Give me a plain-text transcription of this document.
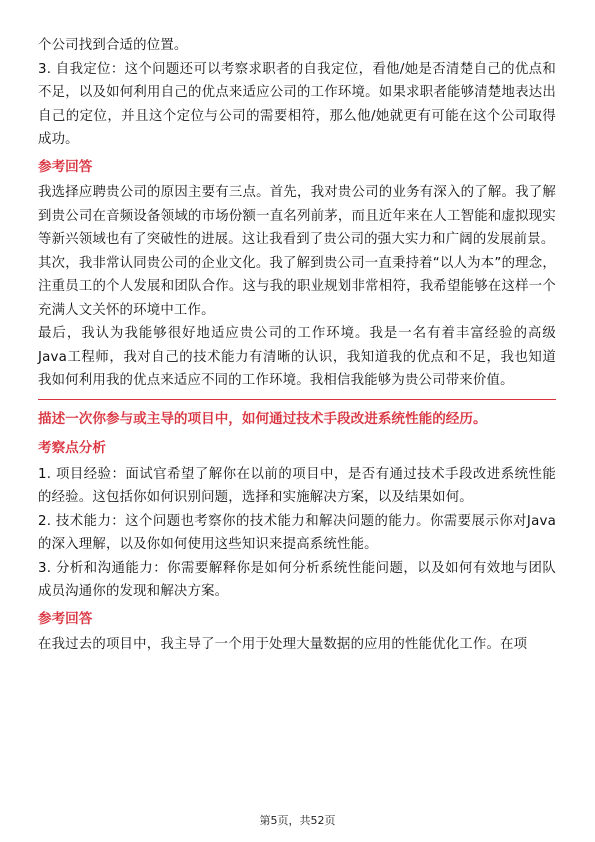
个公司找到合适的位置。

3. 自我定位：这个问题还可以考察求职者的自我定位，看他/她是否清楚自己的优点和不足，以及如何利用自己的优点来适应公司的工作环境。如果求职者能够清楚地表达出自己的定位，并且这个定位与公司的需要相符，那么他/她就更有可能在这个公司取得成功。

参考回答

我选择应聘贵公司的原因主要有三点。首先，我对贵公司的业务有深入的了解。我了解到贵公司在音频设备领域的市场份额一直名列前茅，而且近年来在人工智能和虚拟现实等新兴领域也有了突破性的进展。这让我看到了贵公司的强大实力和广阔的发展前景。

其次，我非常认同贵公司的企业文化。我了解到贵公司一直秉持着“以人为本”的理念，注重员工的个人发展和团队合作。这与我的职业规划非常相符，我希望能够在这样一个充满人文关怀的环境中工作。

最后，我认为我能够很好地适应贵公司的工作环境。我是一名有着丰富经验的高级Java工程师，我对自己的技术能力有清晰的认识，我知道我的优点和不足，我也知道我如何利用我的优点来适应不同的工作环境。我相信我能够为贵公司带来价值。

描述一次你参与或主导的项目中，如何通过技术手段改进系统性能的经历。
考察点分析

1. 项目经验：面试官希望了解你在以前的项目中，是否有通过技术手段改进系统性能的经验。这包括你如何识别问题，选择和实施解决方案，以及结果如何。

2. 技术能力：这个问题也考察你的技术能力和解决问题的能力。你需要展示你对Java的深入理解，以及你如何使用这些知识来提高系统性能。

3. 分析和沟通能力：你需要解释你是如何分析系统性能问题，以及如何有效地与团队成员沟通你的发现和解决方案。

参考回答

在我过去的项目中，我主导了一个用于处理大量数据的应用的性能优化工作。在项

第5页，共52页
